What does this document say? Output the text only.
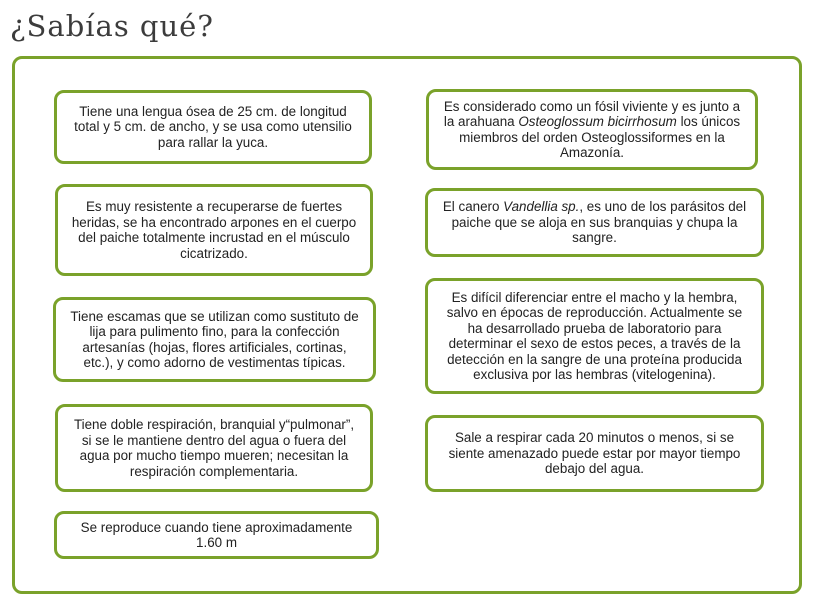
¿Sabías qué?
Tiene una lengua ósea de 25 cm. de longitud total y 5 cm. de ancho, y se usa como utensilio para rallar la yuca.
Es muy resistente a recuperarse de fuertes heridas, se ha encontrado arpones en el cuerpo del paiche totalmente incrustad en el músculo cicatrizado.
Tiene escamas que se utilizan como sustituto de lija para pulimento fino, para la confección artesanías (hojas, flores artificiales, cortinas, etc.), y como adorno de vestimentas típicas.
Tiene doble respiración, branquial y“pulmonar”, si se le mantiene dentro del agua o fuera del agua por mucho tiempo mueren; necesitan la respiración complementaria.
Se reproduce cuando tiene aproximadamente 1.60 m
Es considerado como un fósil viviente y es junto a la arahuana Osteoglossum bicirrhosum los únicos miembros del orden Osteoglossiformes en la Amazonía.
El canero Vandellia sp., es uno de los parásitos del paiche que se aloja en sus branquias y chupa la sangre.
Es difícil diferenciar entre el macho y la hembra, salvo en épocas de reproducción. Actualmente se ha desarrollado prueba de laboratorio para determinar el sexo de estos peces, a través de la detección en la sangre de una proteína producida exclusiva por las hembras (vitelogenina).
Sale a respirar cada 20 minutos o menos, si se siente amenazado puede estar por mayor tiempo debajo del agua.
